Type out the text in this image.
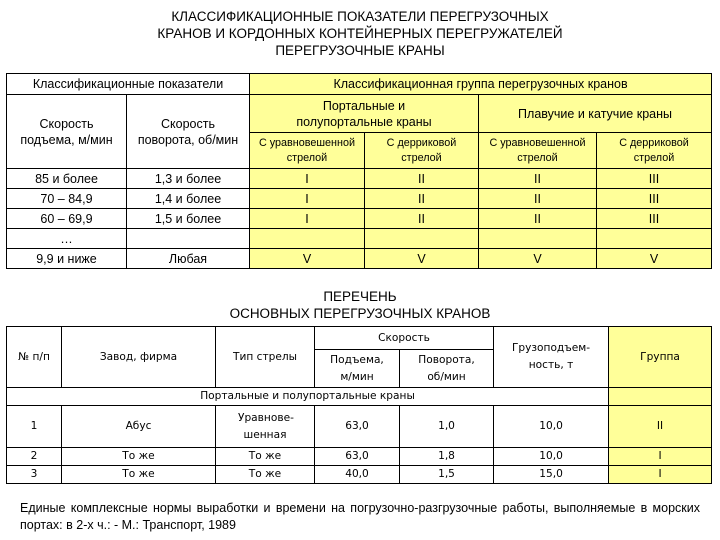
КЛАССИФИКАЦИОННЫЕ ПОКАЗАТЕЛИ ПЕРЕГРУЗОЧНЫХ
КРАНОВ И КОРДОННЫХ КОНТЕЙНЕРНЫХ ПЕРЕГРУЖАТЕЛЕЙ
ПЕРЕГРУЗОЧНЫЕ КРАНЫ
Классификационные показатели		Классификационная группа перегрузочных кранов			
Скорость подъема, м/мин	Скорость поворота, об/мин	Портальные и полупортальные краны		Плавучие и катучие краны	
		С уравновешенной стрелой	С дерриковой стрелой	С уравновешенной стрелой	С дерриковой стрелой
85 и более	1,3 и более	I	II	II	III
70 – 84,9	1,4 и более	I	II	II	III
60 – 69,9	1,5 и более	I	II	II	III
…					
9,9 и ниже	Любая	V	V	V	V
ПЕРЕЧЕНЬ
ОСНОВНЫХ ПЕРЕГРУЗОЧНЫХ КРАНОВ
№ п/п	Завод, фирма	Тип стрелы	Скорость		Грузоподъем-ность, т	Группа
			Подъема, м/мин	Поворота, об/мин		
Портальные и полупортальные краны						
1	Абус	Уравнове-шенная	63,0	1,0	10,0	II
2	То же	То же	63,0	1,8	10,0	I
3	То же	То же	40,0	1,5	15,0	I
Единые комплексные нормы выработки и времени на погрузочно-разгрузочные работы, выполняемые в морских портах: в 2-х ч.: - М.: Транспорт, 1989
